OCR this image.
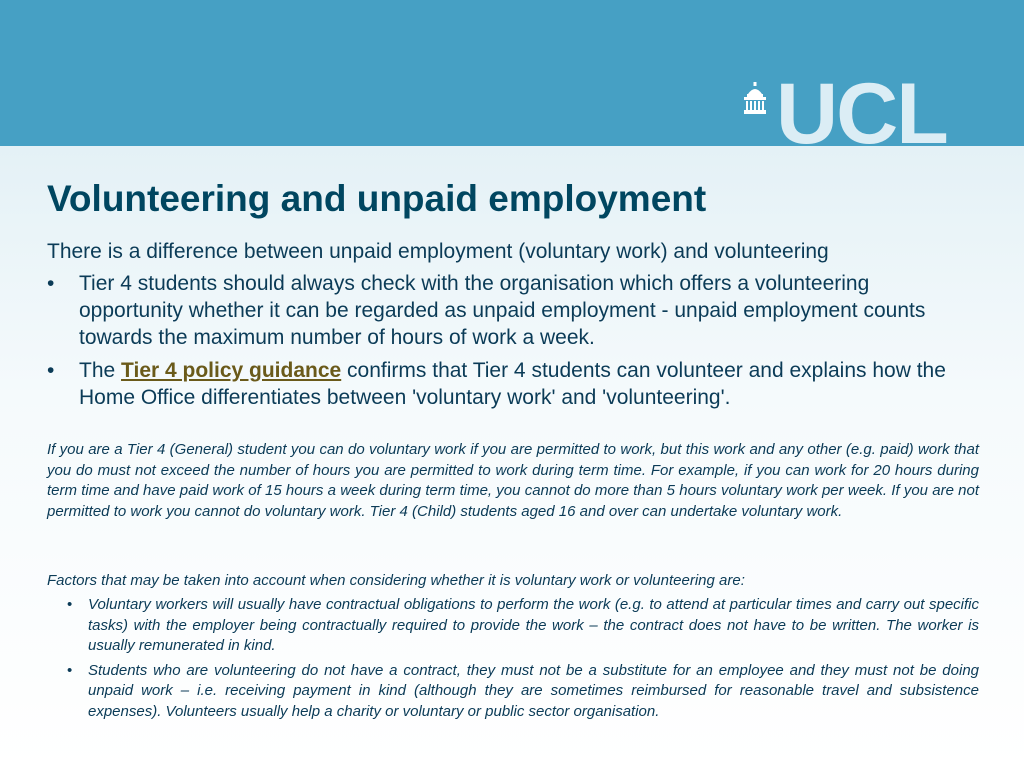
UCL
Volunteering and unpaid employment

There is a difference between unpaid employment (voluntary work) and volunteering

• Tier 4 students should always check with the organisation which offers a volunteering opportunity whether it can be regarded as unpaid employment - unpaid employment counts towards the maximum number of hours of work a week.
• The Tier 4 policy guidance confirms that Tier 4 students can volunteer and explains how the Home Office differentiates between 'voluntary work' and 'volunteering'.

If you are a Tier 4 (General) student you can do voluntary work if you are permitted to work, but this work and any other (e.g. paid) work that you do must not exceed the number of hours you are permitted to work during term time. For example, if you can work for 20 hours during term time and have paid work of 15 hours a week during term time, you cannot do more than 5 hours voluntary work per week. If you are not permitted to work you cannot do voluntary work. Tier 4 (Child) students aged 16 and over can undertake voluntary work.

Factors that may be taken into account when considering whether it is voluntary work or volunteering are:

• Voluntary workers will usually have contractual obligations to perform the work (e.g. to attend at particular times and carry out specific tasks) with the employer being contractually required to provide the work – the contract does not have to be written. The worker is usually remunerated in kind.
• Students who are volunteering do not have a contract, they must not be a substitute for an employee and they must not be doing unpaid work – i.e. receiving payment in kind (although they are sometimes reimbursed for reasonable travel and subsistence expenses). Volunteers usually help a charity or voluntary or public sector organisation.
